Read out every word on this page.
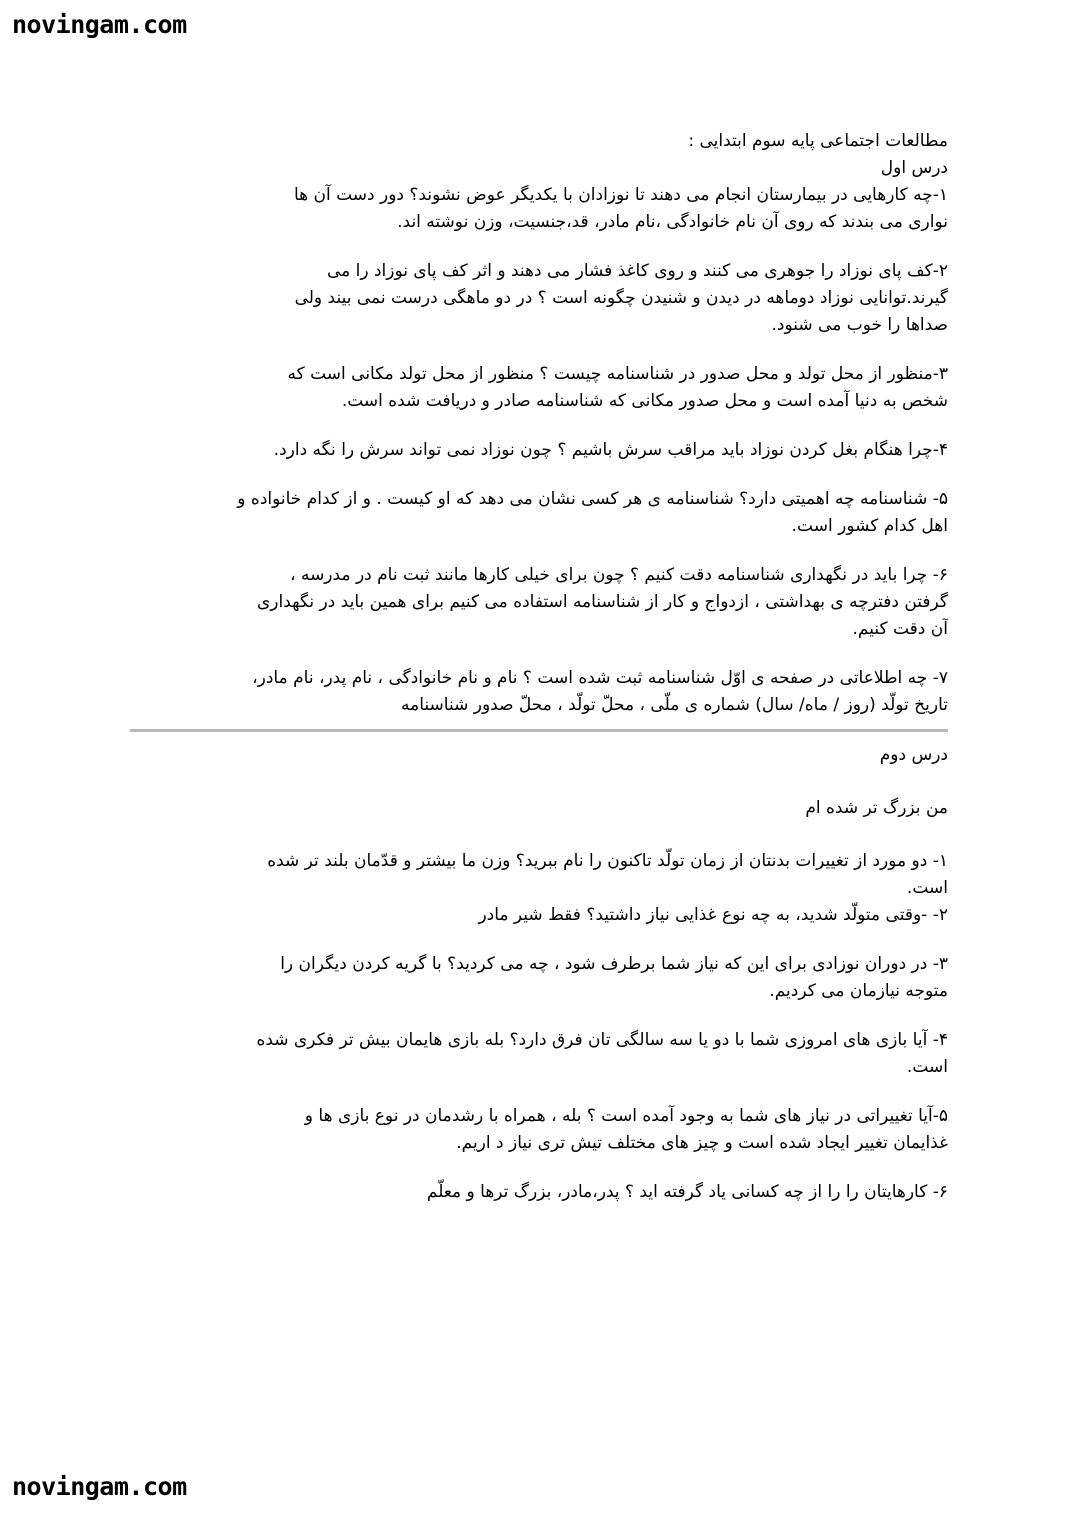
novingam.com

مطالعات اجتماعی پایه سوم ابتدایی :

درس اول

۱-چه کارهایی در بیمارستان انجام می دهند تا نوزادان با یکدیگر عوض نشوند؟ دور دست آن ها

نواری می بندند که روی آن نام خانوادگی ،نام مادر، قد،جنسیت، وزن نوشته اند.

۲-کف پای نوزاد را جوهری می کنند و روی کاغذ فشار می دهند و اثر کف پای نوزاد را می

گیرند.توانایی نوزاد دوماهه در دیدن و شنیدن چگونه است ؟ در دو ماهگی درست نمی بیند ولی

صداها را خوب می شنود.

۳-منظور از محل تولد و محل صدور در شناسنامه چیست ؟ منظور از محل تولد مکانی است که

شخص به دنیا آمده است و محل صدور مکانی که شناسنامه صادر و دریافت شده است.

۴-چرا هنگام بغل کردن نوزاد باید مراقب سرش باشیم ؟ چون نوزاد نمی تواند سرش را نگه دارد.

۵- شناسنامه چه اهمیتی دارد؟ شناسنامه ی هر کسی نشان می دهد که او کیست . و از کدام خانواده و

اهل کدام کشور است.

۶- چرا باید در نگهداری شناسنامه دقت کنیم ؟ چون برای خیلی کارها مانند ثبت نام در مدرسه ،

گرفتن دفترچه ی بهداشتی ، ازدواج و کار از شناسنامه استفاده می کنیم برای همین باید در نگهداری

آن دقت کنیم.

۷- چه اطلاعاتی در صفحه ی اوّل شناسنامه ثبت شده است ؟ نام و نام خانوادگی ، نام پدر، نام مادر،

تاریخ تولّد (روز / ماه/ سال) شماره ی ملّی ، محلّ تولّد ، محلّ صدور شناسنامه

درس دوم

من بزرگ تر شده ام

۱- دو مورد از تغییرات بدنتان از زمان تولّد تاکنون را نام ببرید؟ وزن ما بیشتر و قدّمان بلند تر شده

است.

۲- -وقتی متولّد شدید، به چه نوع غذایی نیاز داشتید؟ فقط شیر مادر

۳- در دوران نوزادی برای این که نیاز شما برطرف شود ، چه می کردید؟ با گریه کردن دیگران را

متوجه نیازمان می کردیم.

۴- آیا بازی های امروزی شما با دو یا سه سالگی تان فرق دارد؟ بله بازی هایمان بیش تر فکری شده

است.

۵-آیا تغییراتی در نیاز های شما به وجود آمده است ؟ بله ، همراه با رشدمان در نوع بازی ها و

غذایمان تغییر ایجاد شده است و چیز های مختلف تیش تری نیاز د اریم.

۶- کارهایتان را را از چه کسانی یاد گرفته اید ؟ پدر،مادر، بزرگ ترها و معلّم

novingam.com
